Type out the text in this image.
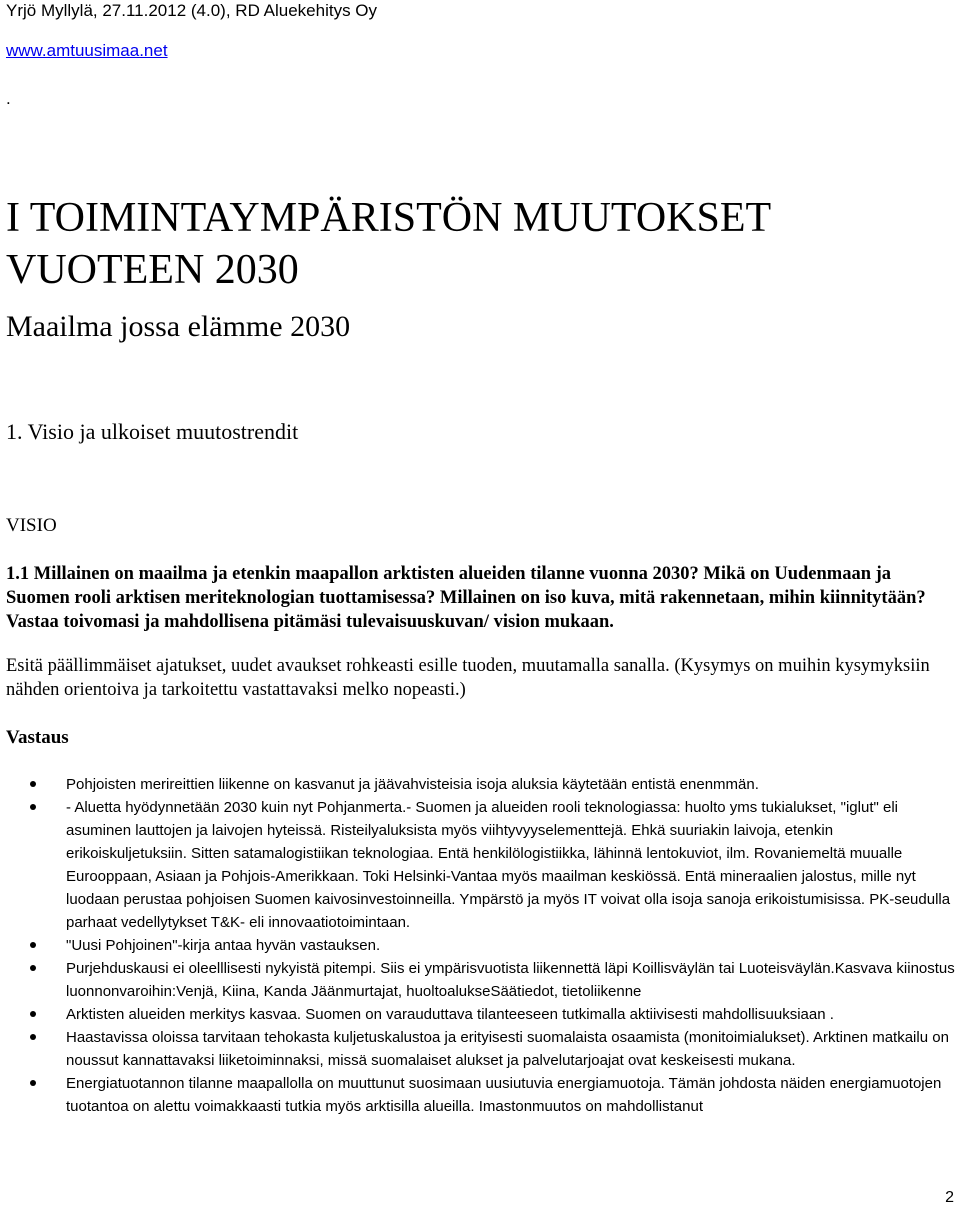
Yrjö Myllylä, 27.11.2012 (4.0), RD Aluekehitys Oy
www.amtuusimaa.net
.
I TOIMINTAYMPÄRISTÖN MUUTOKSET VUOTEEN 2030
Maailma jossa elämme 2030
1. Visio ja ulkoiset muutostrendit
VISIO
1.1 Millainen on maailma ja etenkin maapallon arktisten alueiden tilanne vuonna 2030? Mikä on Uudenmaan ja Suomen rooli arktisen meriteknologian tuottamisessa? Millainen on iso kuva, mitä rakennetaan, mihin kiinnitytään? Vastaa toivomasi ja mahdollisena pitämäsi tulevaisuuskuvan/ vision mukaan.
Esitä päällimmäiset ajatukset, uudet avaukset rohkeasti esille tuoden, muutamalla sanalla. (Kysymys on muihin kysymyksiin nähden orientoiva ja tarkoitettu vastattavaksi melko nopeasti.)
Vastaus
Pohjoisten merireittien liikenne on kasvanut ja jäävahvisteisia isoja aluksia käytetään entistä enenmmän.
- Aluetta hyödynnetään 2030 kuin nyt Pohjanmerta.- Suomen ja alueiden rooli teknologiassa: huolto yms tukialukset, "iglut" eli asuminen lauttojen ja laivojen hyteissä. Risteilyaluksista myös viihtyvyyselementtejä. Ehkä suuriakin laivoja, etenkin erikoiskuljetuksiin. Sitten satamalogistiikan teknologiaa. Entä henkilölogistiikka, lähinnä lentokuviot, ilm. Rovaniemeltä muualle Eurooppaan, Asiaan ja Pohjois-Amerikkaan. Toki Helsinki-Vantaa myös maailman keskiössä. Entä mineraalien jalostus, mille nyt luodaan perustaa pohjoisen Suomen kaivosinvestoinneilla. Ympärstö ja myös IT voivat olla isoja sanoja erikoistumisissa. PK-seudulla parhaat vedellytykset T&K- eli innovaatiotoimintaan.
"Uusi Pohjoinen"-kirja antaa hyvän vastauksen.
Purjehduskausi ei oleelllisesti nykyistä pitempi. Siis ei ympärisvuotista liikennettä läpi Koillisväylän tai Luoteisväylän.Kasvava kiinostus luonnonvaroihin:Venjä, Kiina, Kanda Jäänmurtajat, huoltoalukseSäätiedot, tietoliikenne
Arktisten alueiden merkitys kasvaa. Suomen on varauduttava tilanteeseen tutkimalla aktiivisesti mahdollisuuksiaan .
Haastavissa oloissa tarvitaan tehokasta kuljetuskalustoa ja erityisesti suomalaista osaamista (monitoimialukset). Arktinen matkailu on noussut kannattavaksi liiketoiminnaksi, missä suomalaiset alukset ja palvelutarjoajat ovat keskeisesti mukana.
Energiatuotannon tilanne maapallolla on muuttunut suosimaan uusiutuvia energiamuotoja. Tämän johdosta näiden energiamuotojen tuotantoa on alettu voimakkaasti tutkia myös arktisilla alueilla. Imastonmuutos on mahdollistanut
2
